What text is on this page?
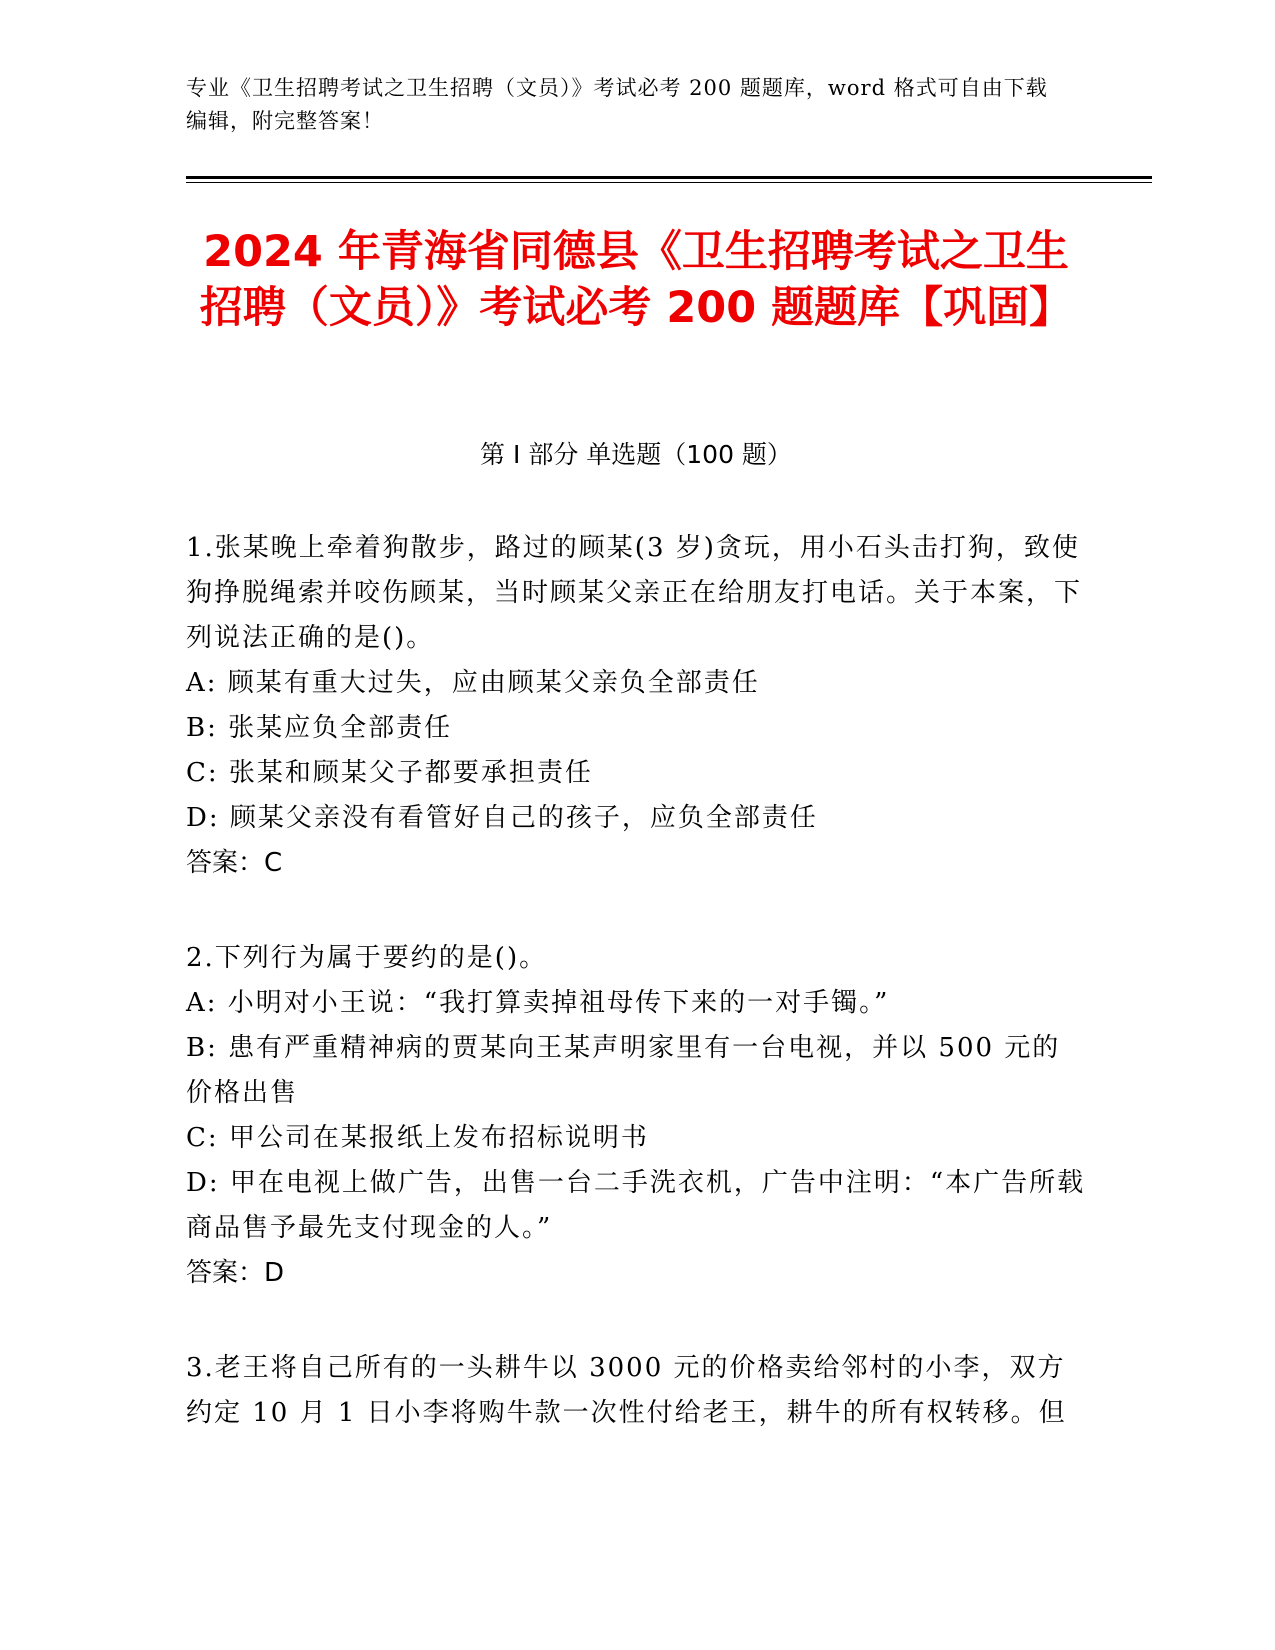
专业《卫生招聘考试之卫生招聘（文员）》考试必考 200 题题库，word 格式可自由下载编辑，附完整答案！
2024 年青海省同德县《卫生招聘考试之卫生招聘（文员）》考试必考 200 题题库【巩固】
第 I 部分 单选题（100 题）

1.张某晚上牵着狗散步，路过的顾某(3 岁)贪玩，用小石头击打狗，致使狗挣脱绳索并咬伤顾某，当时顾某父亲正在给朋友打电话。关于本案，下列说法正确的是()。

A: 顾某有重大过失，应由顾某父亲负全部责任

B: 张某应负全部责任

C: 张某和顾某父子都要承担责任

D: 顾某父亲没有看管好自己的孩子，应负全部责任

答案：C

2.下列行为属于要约的是()。

A: 小明对小王说：“我打算卖掉祖母传下来的一对手镯。”

B: 患有严重精神病的贾某向王某声明家里有一台电视，并以 500 元的价格出售

C: 甲公司在某报纸上发布招标说明书

D: 甲在电视上做广告，出售一台二手洗衣机，广告中注明：“本广告所载商品售予最先支付现金的人。”

答案：D

3.老王将自己所有的一头耕牛以 3000 元的价格卖给邻村的小李，双方约定 10 月 1 日小李将购牛款一次性付给老王，耕牛的所有权转移。但
